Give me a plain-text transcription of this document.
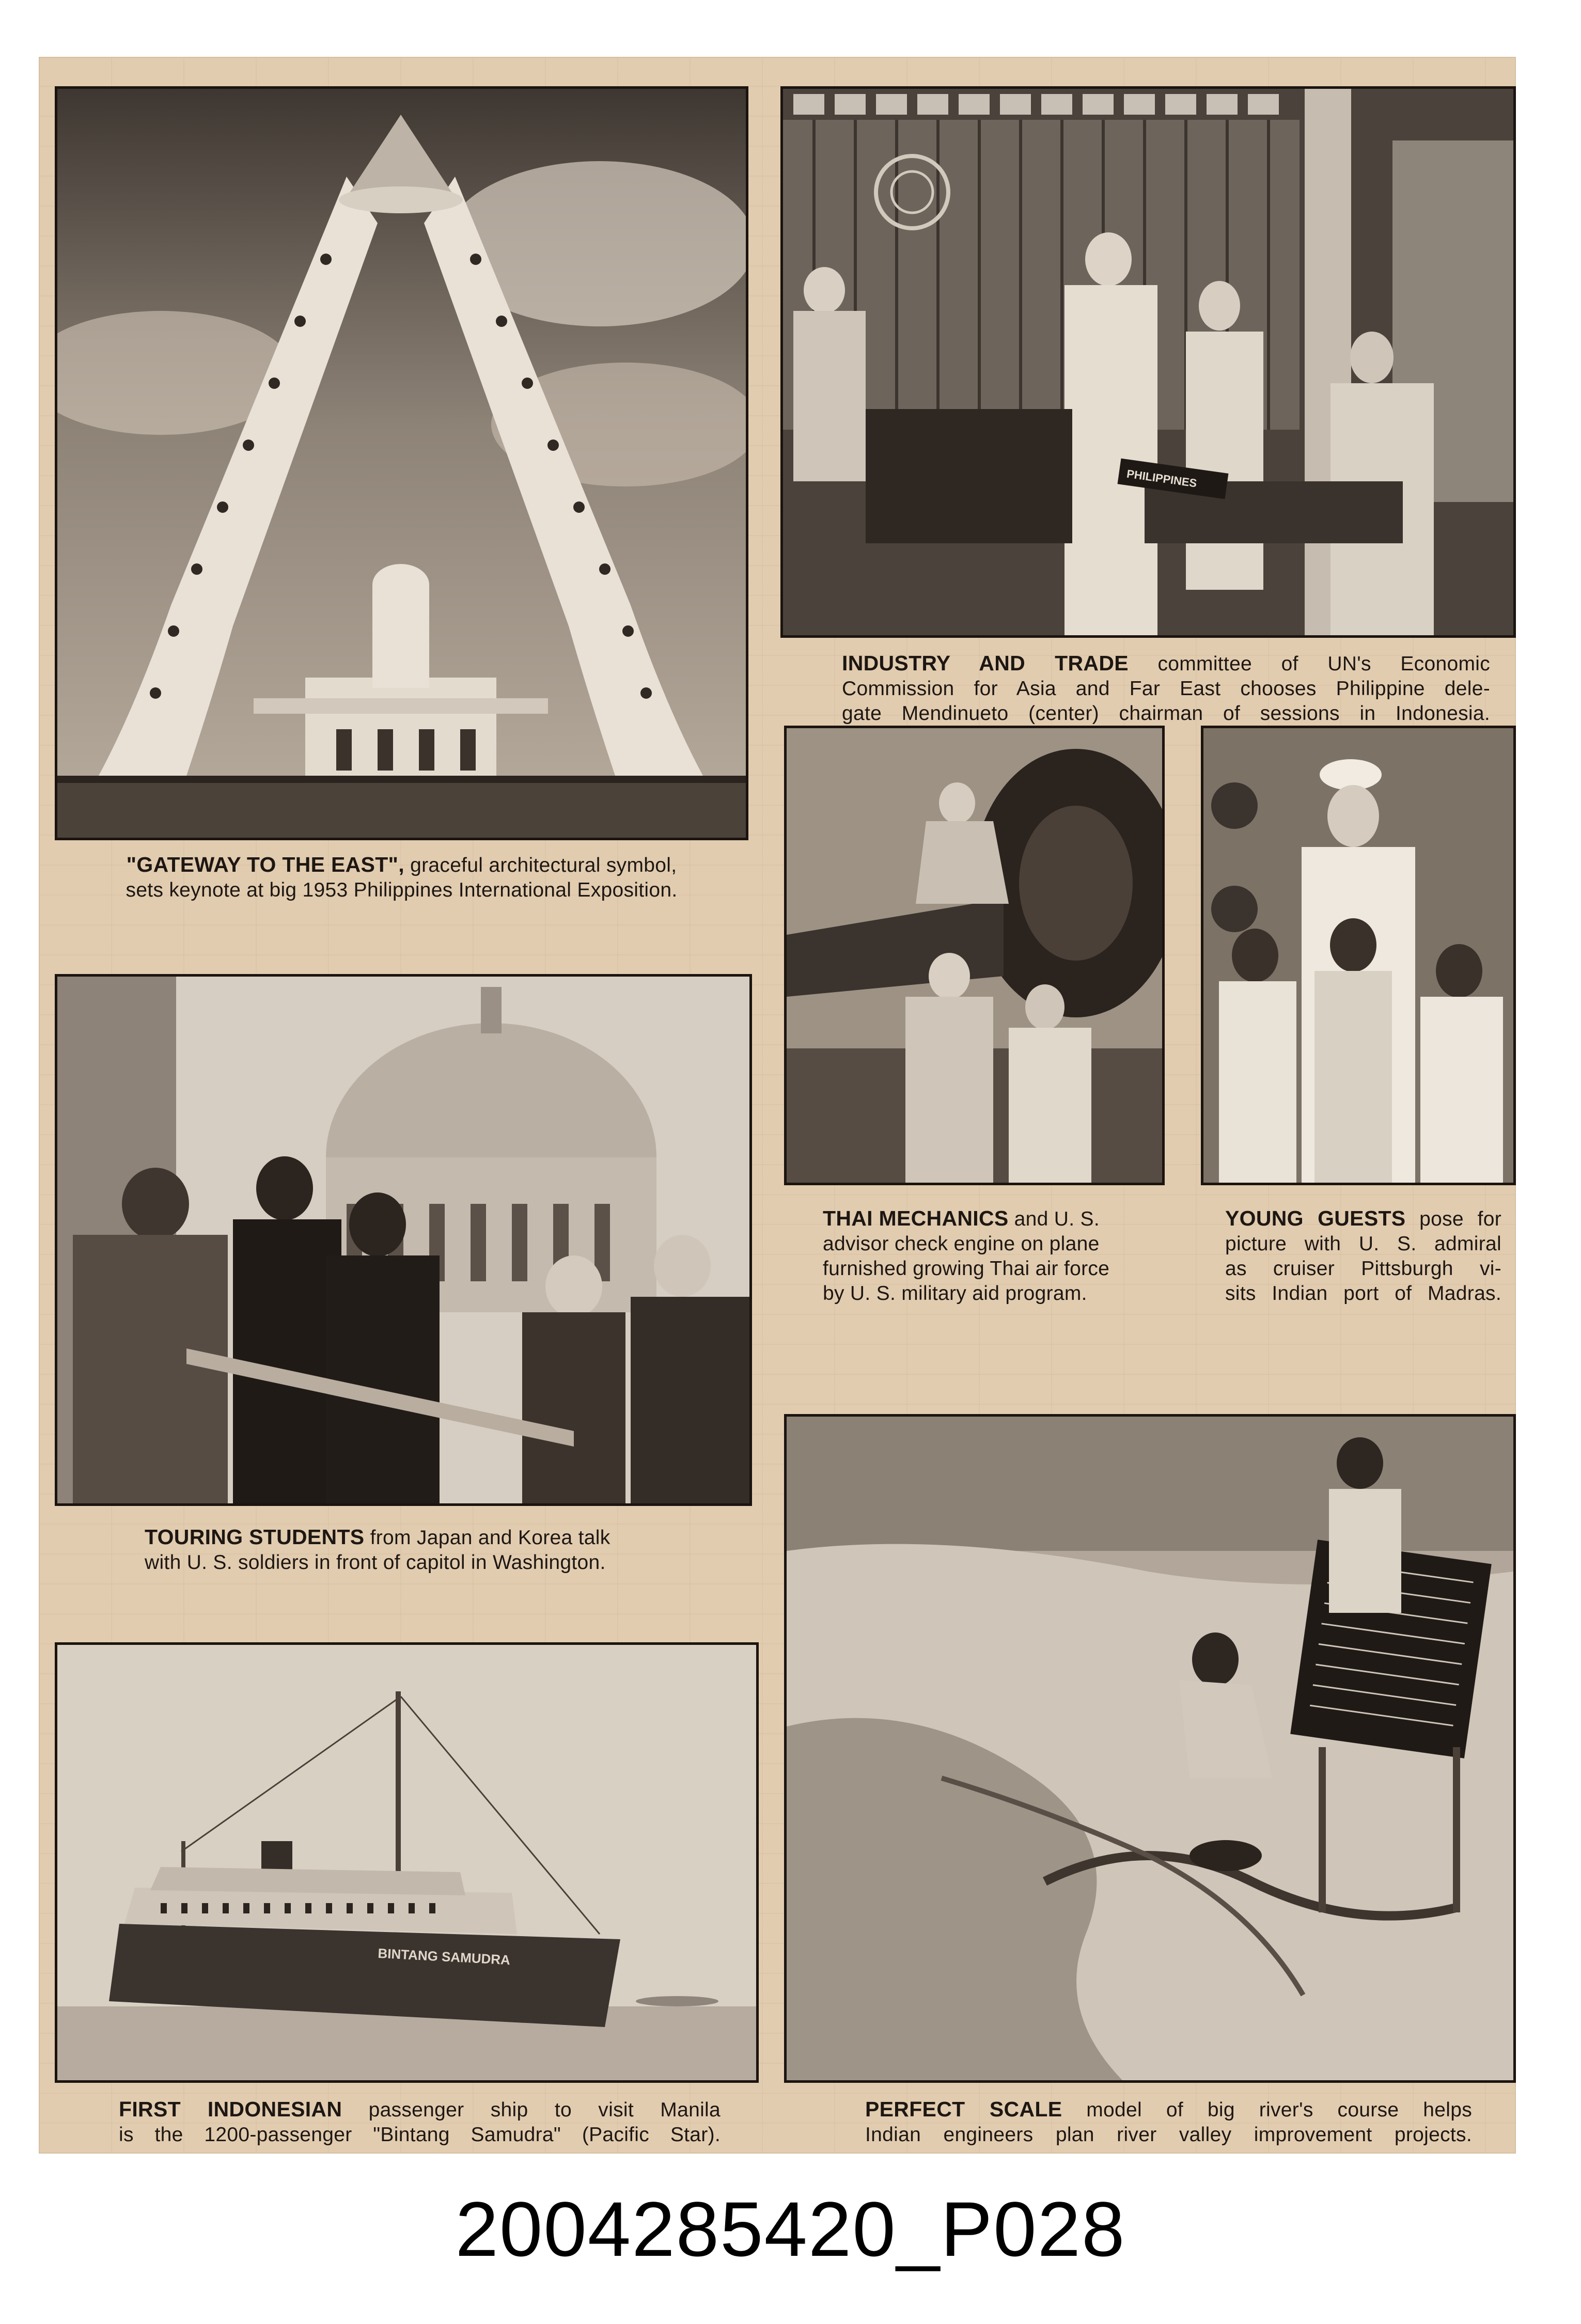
"GATEWAY TO THE EAST", graceful architectural symbol,

sets keynote at big 1953 Philippines International Exposition.

PHILIPPINES

INDUSTRY AND TRADE committee of UN's Economic

Commission for Asia and Far East chooses Philippine dele-

gate Mendinueto (center) chairman of sessions in Indonesia.

THAI MECHANICS and U. S.

advisor check engine on plane

furnished growing Thai air force

by U. S. military aid program.

YOUNG GUESTS pose for

picture with U. S. admiral

as cruiser Pittsburgh vi-

sits Indian port of Madras.

TOURING STUDENTS from Japan and Korea talk

with U. S. soldiers in front of capitol in Washington.

BINTANG SAMUDRA

FIRST INDONESIAN passenger ship to visit Manila

is the 1200-passenger "Bintang Samudra" (Pacific Star).

PERFECT SCALE model of big river's course helps

Indian engineers plan river valley improvement projects.

2004285420_P028
